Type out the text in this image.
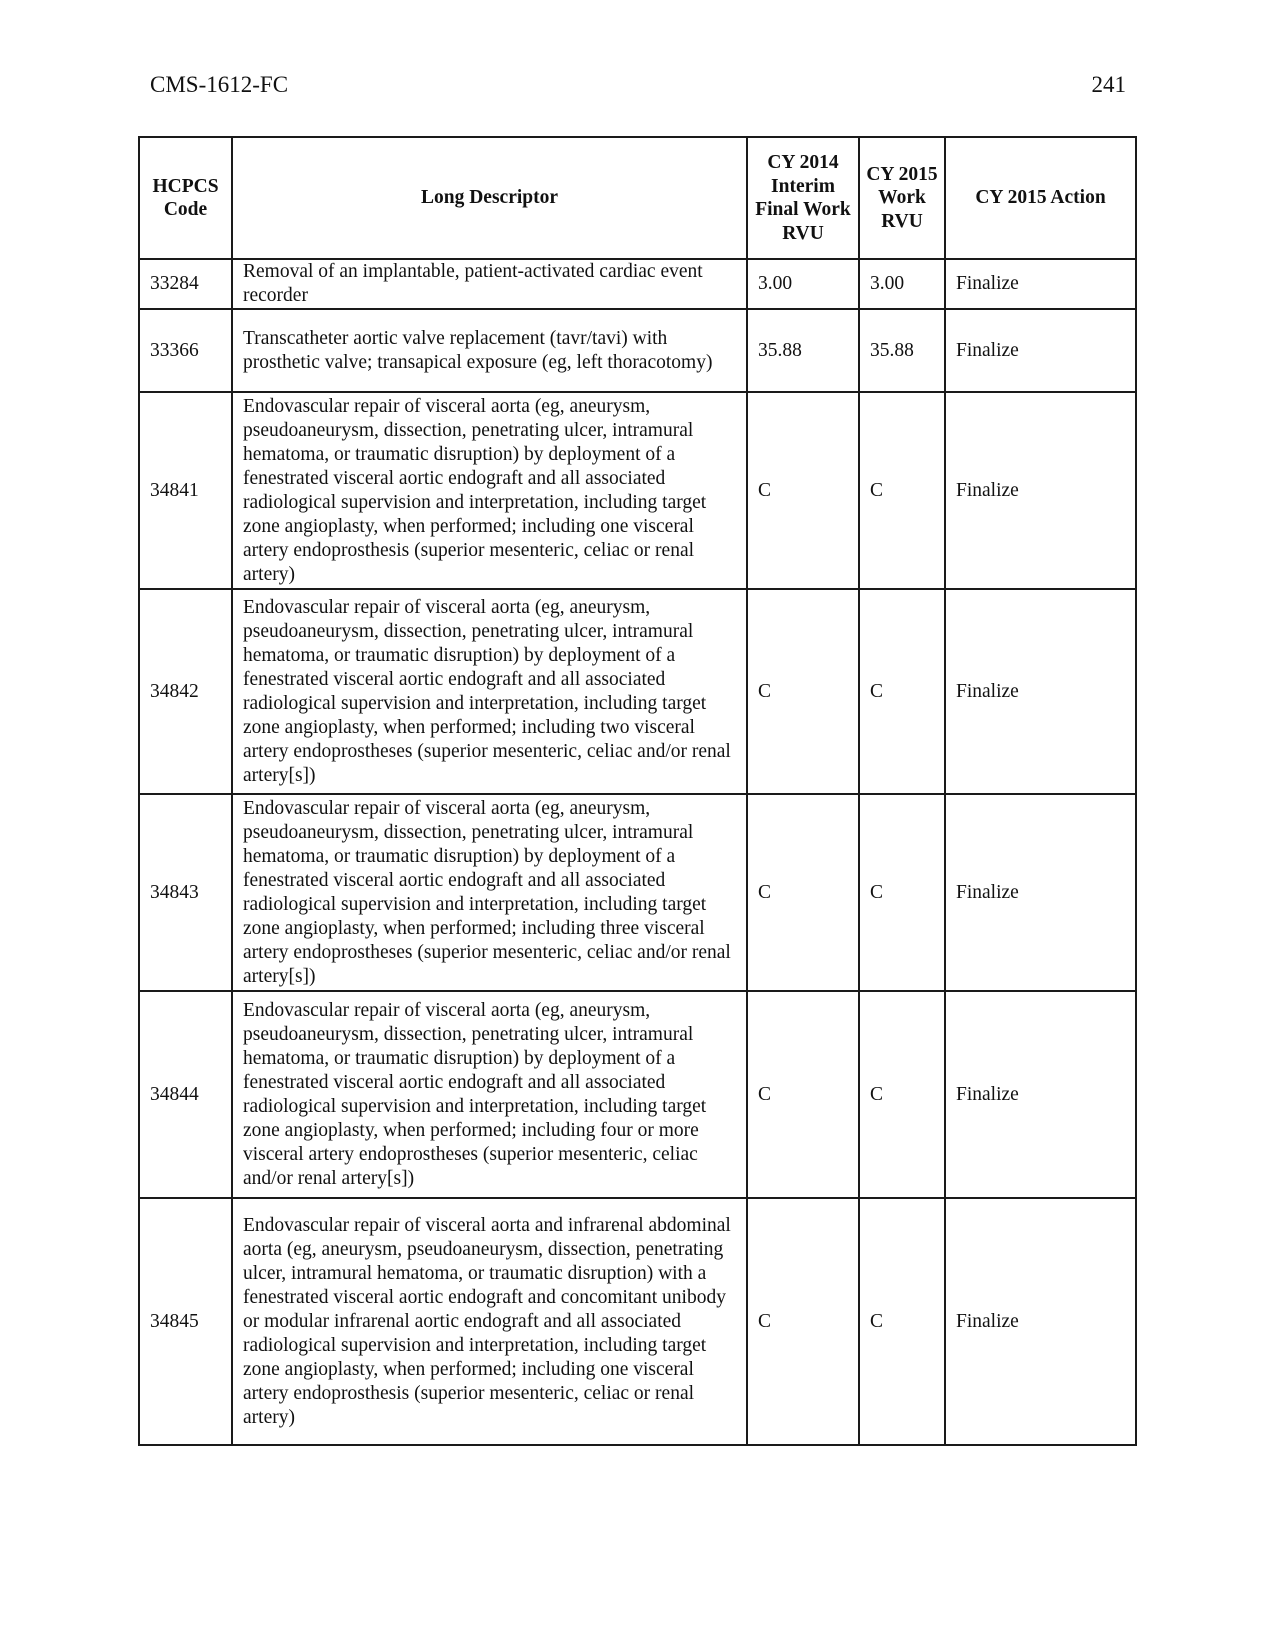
CMS-1612-FC	241
HCPCS Code	Long Descriptor	CY 2014 Interim Final Work RVU	CY 2015 Work RVU	CY 2015 Action
33284	Removal of an implantable, patient-activated cardiac event recorder	3.00	3.00	Finalize
33366	Transcatheter aortic valve replacement (tavr/tavi) with prosthetic valve; transapical exposure (eg, left thoracotomy)	35.88	35.88	Finalize
34841	Endovascular repair of visceral aorta (eg, aneurysm, pseudoaneurysm, dissection, penetrating ulcer, intramural hematoma, or traumatic disruption) by deployment of a fenestrated visceral aortic endograft and all associated radiological supervision and interpretation, including target zone angioplasty, when performed; including one visceral artery endoprosthesis (superior mesenteric, celiac or renal artery)	C	C	Finalize
34842	Endovascular repair of visceral aorta (eg, aneurysm, pseudoaneurysm, dissection, penetrating ulcer, intramural hematoma, or traumatic disruption) by deployment of a fenestrated visceral aortic endograft and all associated radiological supervision and interpretation, including target zone angioplasty, when performed; including two visceral artery endoprostheses (superior mesenteric, celiac and/or renal artery[s])	C	C	Finalize
34843	Endovascular repair of visceral aorta (eg, aneurysm, pseudoaneurysm, dissection, penetrating ulcer, intramural hematoma, or traumatic disruption) by deployment of a fenestrated visceral aortic endograft and all associated radiological supervision and interpretation, including target zone angioplasty, when performed; including three visceral artery endoprostheses (superior mesenteric, celiac and/or renal artery[s])	C	C	Finalize
34844	Endovascular repair of visceral aorta (eg, aneurysm, pseudoaneurysm, dissection, penetrating ulcer, intramural hematoma, or traumatic disruption) by deployment of a fenestrated visceral aortic endograft and all associated radiological supervision and interpretation, including target zone angioplasty, when performed; including four or more visceral artery endoprostheses (superior mesenteric, celiac and/or renal artery[s])	C	C	Finalize
34845	Endovascular repair of visceral aorta and infrarenal abdominal aorta (eg, aneurysm, pseudoaneurysm, dissection, penetrating ulcer, intramural hematoma, or traumatic disruption) with a fenestrated visceral aortic endograft and concomitant unibody or modular infrarenal aortic endograft and all associated radiological supervision and interpretation, including target zone angioplasty, when performed; including one visceral artery endoprosthesis (superior mesenteric, celiac or renal artery)	C	C	Finalize
